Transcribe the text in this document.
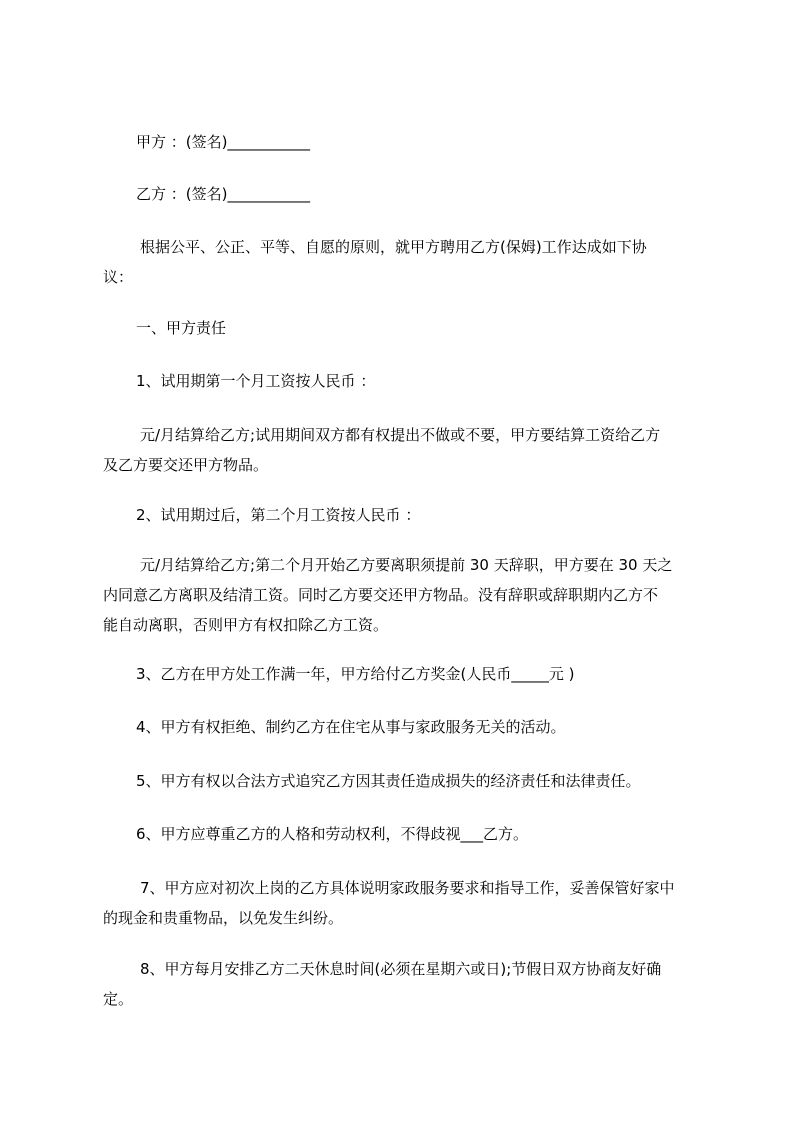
甲方 ：(签名)___________
乙方 ：(签名)___________
根据公平、公正、平等、自愿的原则，就甲方聘用乙方(保姆)工作达成如下协
议：
一、甲方责任
1、试用期第一个月工资按人民币 ：
元/月结算给乙方;试用期间双方都有权提出不做或不要，甲方要结算工资给乙方
及乙方要交还甲方物品。
2、试用期过后，第二个月工资按人民币 ：
元/月结算给乙方;第二个月开始乙方要离职须提前 30 天辞职，甲方要在 30 天之
内同意乙方离职及结清工资。同时乙方要交还甲方物品。没有辞职或辞职期内乙方不
能自动离职，否则甲方有权扣除乙方工资。
3、乙方在甲方处工作满一年，甲方给付乙方奖金(人民币_____元 )
4、甲方有权拒绝、制约乙方在住宅从事与家政服务无关的活动。
5、甲方有权以合法方式追究乙方因其责任造成损失的经济责任和法律责任。
6、甲方应尊重乙方的人格和劳动权利，不得歧视___乙方。
7、甲方应对初次上岗的乙方具体说明家政服务要求和指导工作，妥善保管好家中
的现金和贵重物品，以免发生纠纷。
8、甲方每月安排乙方二天休息时间(必须在星期六或日);节假日双方协商友好确
定。
